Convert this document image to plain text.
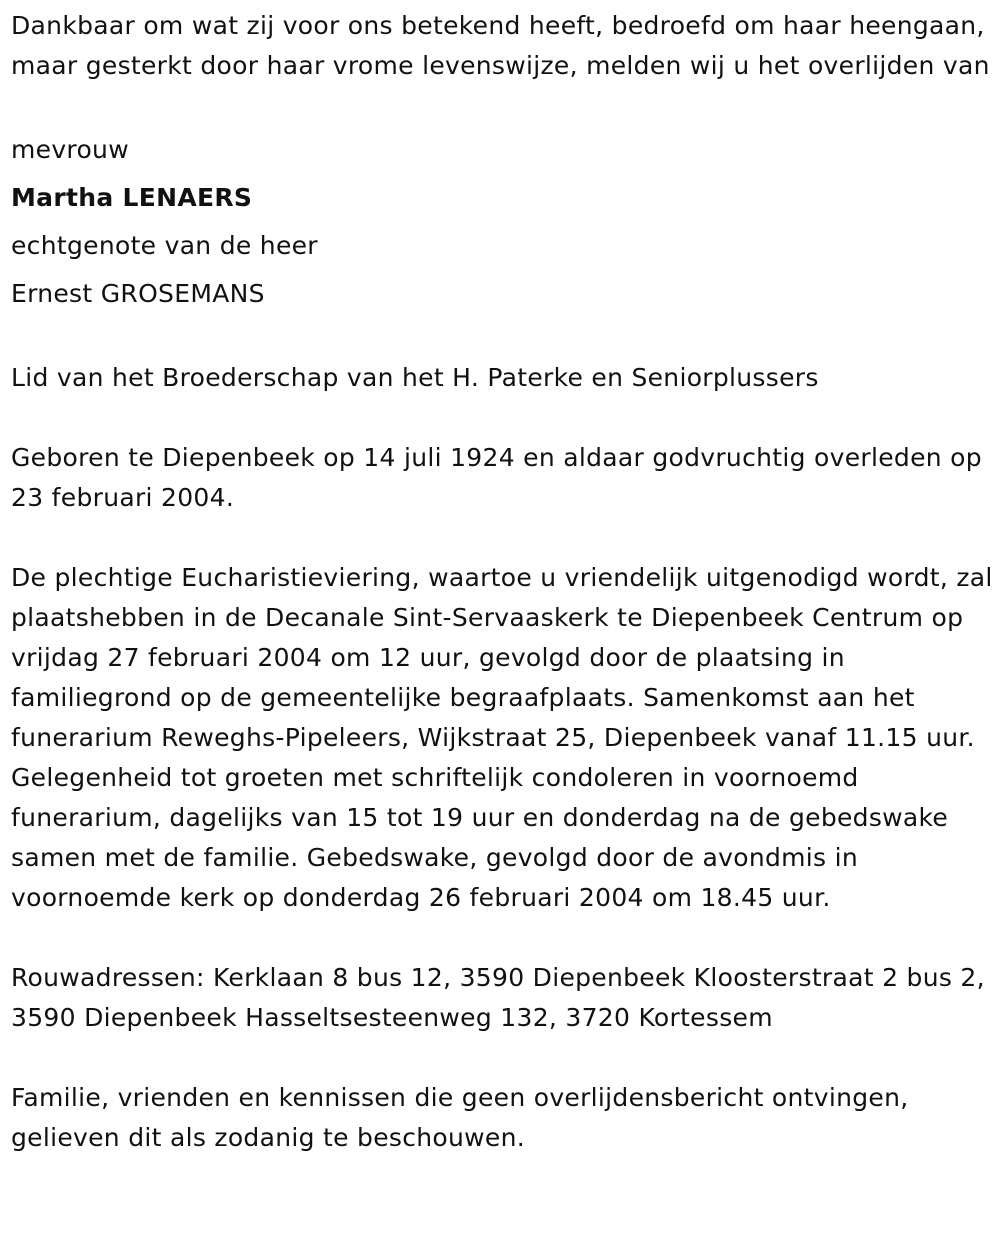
Dankbaar om wat zij voor ons betekend heeft, bedroefd om haar heengaan, maar gesterkt door haar vrome levenswijze, melden wij u het overlijden van

mevrouw

Martha LENAERS

echtgenote van de heer

Ernest GROSEMANS

Lid van het Broederschap van het H. Paterke en Seniorplussers

Geboren te Diepenbeek op 14 juli 1924 en aldaar godvruchtig overleden op 23 februari 2004.

De plechtige Eucharistieviering, waartoe u vriendelijk uitgenodigd wordt, zal plaatshebben in de Decanale Sint-Servaaskerk te Diepenbeek Centrum op vrijdag 27 februari 2004 om 12 uur, gevolgd door de plaatsing in familiegrond op de gemeentelijke begraafplaats. Samenkomst aan het funerarium Reweghs-Pipeleers, Wijkstraat 25, Diepenbeek vanaf 11.15 uur. Gelegenheid tot groeten met schriftelijk condoleren in voornoemd funerarium, dagelijks van 15 tot 19 uur en donderdag na de gebedswake samen met de familie. Gebedswake, gevolgd door de avondmis in voornoemde kerk op donderdag 26 februari 2004 om 18.45 uur.

Rouwadressen: Kerklaan 8 bus 12, 3590 Diepenbeek Kloosterstraat 2 bus 2, 3590 Diepenbeek Hasseltsesteenweg 132, 3720 Kortessem

Familie, vrienden en kennissen die geen overlijdensbericht ontvingen, gelieven dit als zodanig te beschouwen.
